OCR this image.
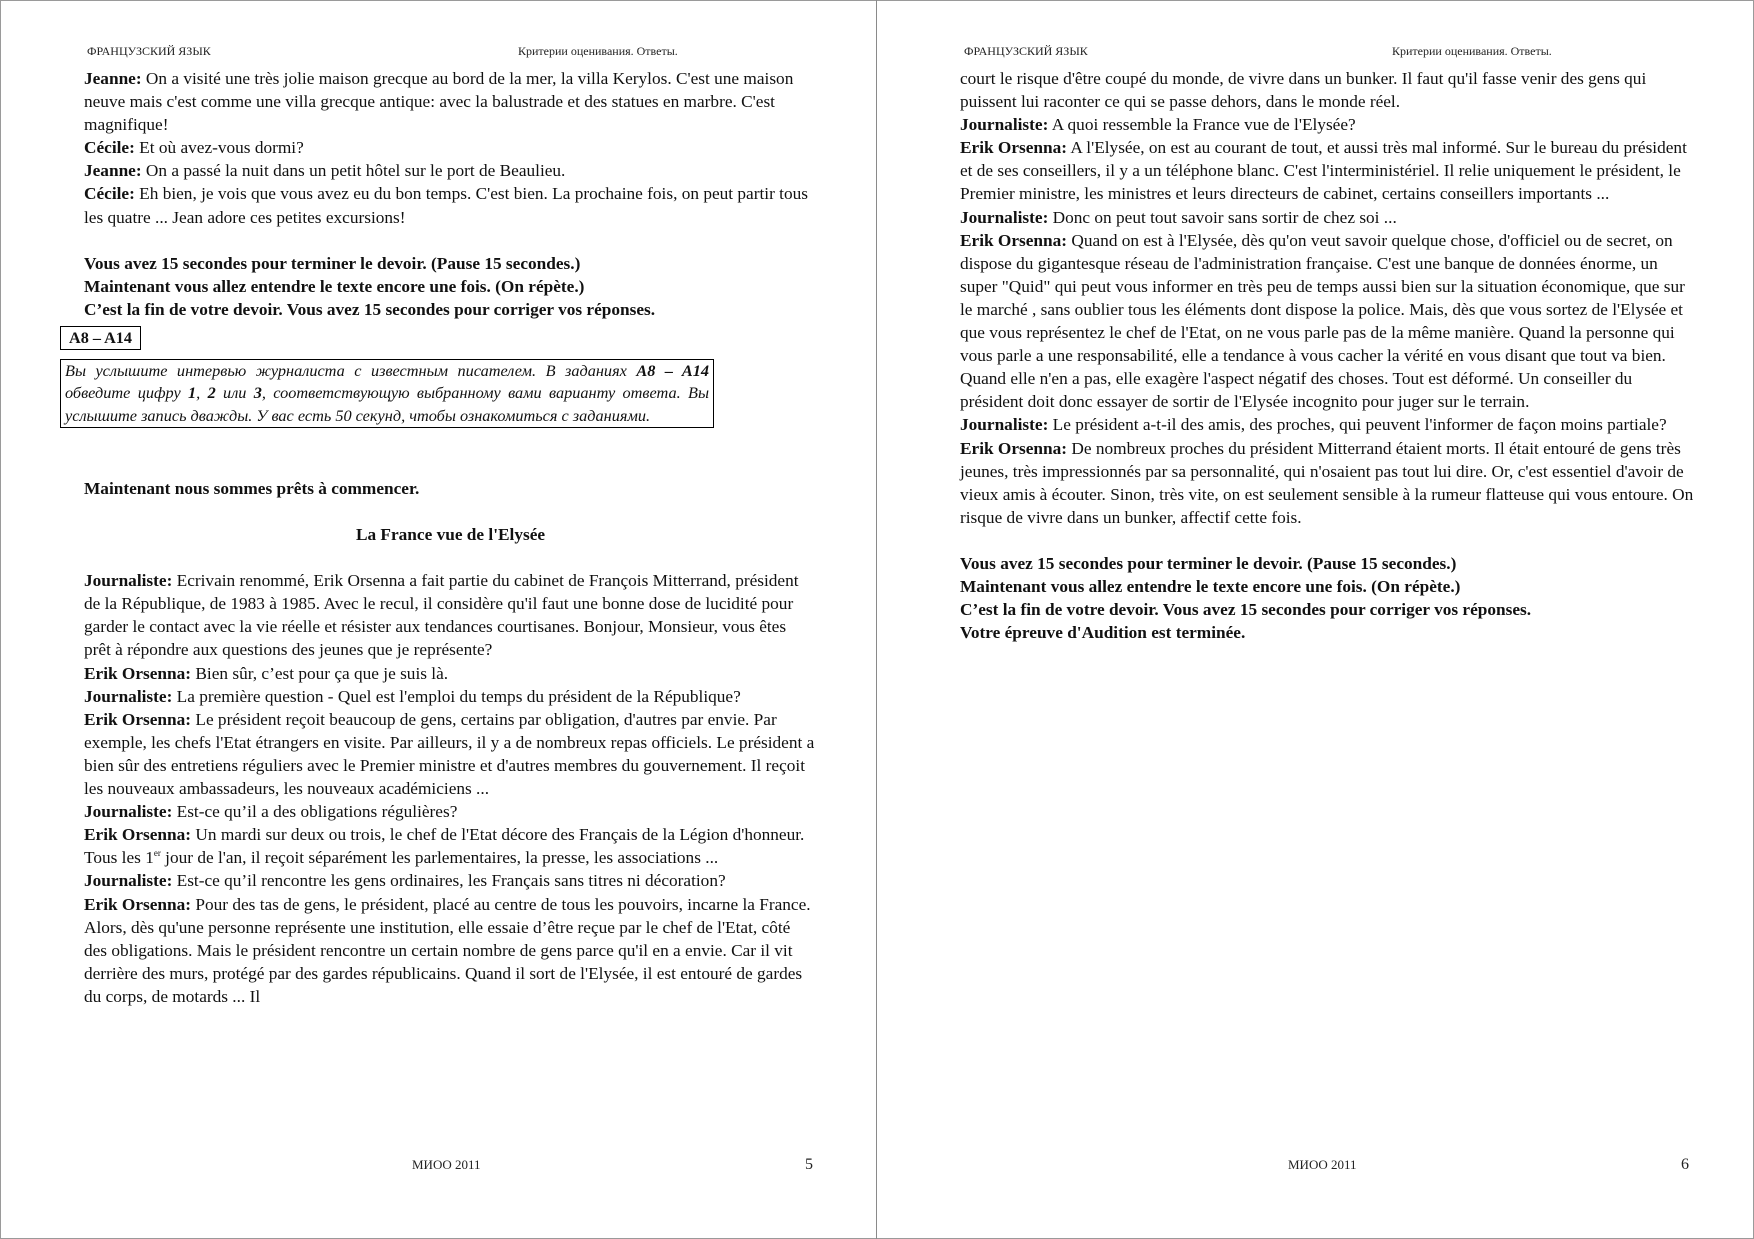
ФРАНЦУЗСКИЙ ЯЗЫК	Критерии оценивания. Ответы.

Jeanne: On a visité une très jolie maison grecque au bord de la mer, la villa Kerylos. C'est une maison neuve mais c'est comme une villa grecque antique: avec la balustrade et des statues en marbre. C'est magnifique!

Cécile: Et où avez-vous dormi?

Jeanne: On a passé la nuit dans un petit hôtel sur le port de Beaulieu.

Cécile: Eh bien, je vois que vous avez eu du bon temps. C'est bien. La prochaine fois, on peut partir tous les quatre ... Jean adore ces petites excursions!

Vous avez 15 secondes pour terminer le devoir. (Pause 15 secondes.)

Maintenant vous allez entendre le texte encore une fois. (On répète.)

C’est la fin de votre devoir. Vous avez 15 secondes pour corriger vos réponses.

A8 – A14
Вы услышите интервью журналиста с известным писателем. В заданиях A8 – A14 обведите цифру 1, 2 или 3, соответствующую выбранному вами варианту ответа. Вы услышите запись дважды. У вас есть 50 секунд, чтобы ознакомиться с заданиями.

Maintenant nous sommes prêts à commencer.

La France vue de l'Elysée

Journaliste: Ecrivain renommé, Erik Orsenna a fait partie du cabinet de François Mitterrand, président de la République, de 1983 à 1985. Avec le recul, il considère qu'il faut une bonne dose de lucidité pour garder le contact avec la vie réelle et résister aux tendances courtisanes. Bonjour, Monsieur, vous êtes prêt à répondre aux questions des jeunes que je représente?

Erik Orsenna: Bien sûr, c’est pour ça que je suis là.

Journaliste: La première question - Quel est l'emploi du temps du président de la République?

Erik Orsenna: Le président reçoit beaucoup de gens, certains par obligation, d'autres par envie. Par exemple, les chefs l'Etat étrangers en visite. Par ailleurs, il y a de nombreux repas officiels. Le président a bien sûr des entretiens réguliers avec le Premier ministre et d'autres membres du gouvernement. Il reçoit les nouveaux ambassadeurs, les nouveaux académiciens ...

Journaliste: Est-ce qu’il a des obligations régulières?

Erik Orsenna: Un mardi sur deux ou trois, le chef de l'Etat décore des Français de la Légion d'honneur. Tous les 1er jour de l'an, il reçoit séparément les parlementaires, la presse, les associations ...

Journaliste: Est-ce qu’il rencontre les gens ordinaires, les Français sans titres ni décoration?

Erik Orsenna: Pour des tas de gens, le président, placé au centre de tous les pouvoirs, incarne la France. Alors, dès qu'une personne représente une institution, elle essaie d’être reçue par le chef de l'Etat, côté des obligations. Mais le président rencontre un certain nombre de gens parce qu'il en a envie. Car il vit derrière des murs, protégé par des gardes républicains. Quand il sort de l'Elysée, il est entouré de gardes du corps, de motards ... Il

МИОО 2011	5
ФРАНЦУЗСКИЙ ЯЗЫК	Критерии оценивания. Ответы.

court le risque d'être coupé du monde, de vivre dans un bunker. Il faut qu'il fasse venir des gens qui puissent lui raconter ce qui se passe dehors, dans le monde réel.

Journaliste: A quoi ressemble la France vue de l'Elysée?

Erik Orsenna: A l'Elysée, on est au courant de tout, et aussi très mal informé. Sur le bureau du président et de ses conseillers, il y a un téléphone blanc. C'est l'interministériel. Il relie uniquement le président, le Premier ministre, les ministres et leurs directeurs de cabinet, certains conseillers importants ...

Journaliste: Donc on peut tout savoir sans sortir de chez soi ...

Erik Orsenna: Quand on est à l'Elysée, dès qu'on veut savoir quelque chose, d'officiel ou de secret, on dispose du gigantesque réseau de l'administration française. C'est une banque de données énorme, un super "Quid" qui peut vous informer en très peu de temps aussi bien sur la situation économique, que sur le marché , sans oublier tous les éléments dont dispose la police. Mais, dès que vous sortez de l'Elysée et que vous représentez le chef de l'Etat, on ne vous parle pas de la même manière. Quand la personne qui vous parle a une responsabilité, elle a tendance à vous cacher la vérité en vous disant que tout va bien. Quand elle n'en a pas, elle exagère l'aspect négatif des choses. Tout est déformé. Un conseiller du président doit donc essayer de sortir de l'Elysée incognito pour juger sur le terrain.

Journaliste: Le président a-t-il des amis, des proches, qui peuvent l'informer de façon moins partiale?

Erik Orsenna: De nombreux proches du président Mitterrand étaient morts. Il était entouré de gens très jeunes, très impressionnés par sa personnalité, qui n'osaient pas tout lui dire. Or, c'est essentiel d'avoir de vieux amis à écouter. Sinon, très vite, on est seulement sensible à la rumeur flatteuse qui vous entoure. On risque de vivre dans un bunker, affectif cette fois.

Vous avez 15 secondes pour terminer le devoir. (Pause 15 secondes.)

Maintenant vous allez entendre le texte encore une fois. (On répète.)

C’est la fin de votre devoir. Vous avez 15 secondes pour corriger vos réponses.

Votre épreuve d'Audition est terminée.

МИОО 2011	6
